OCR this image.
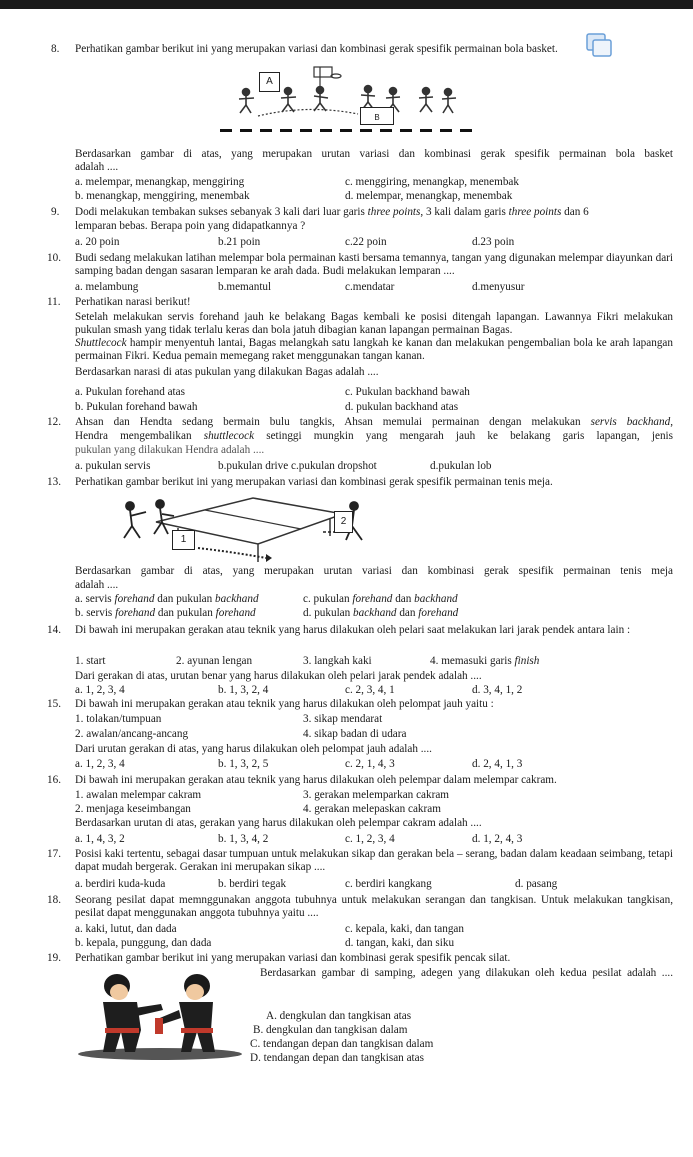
8. Perhatikan gambar berikut ini yang merupakan variasi dan kombinasi gerak spesifik permainan bola basket.
A
B
Berdasarkan gambar di atas, yang merupakan urutan variasi dan kombinasi gerak spesifik permainan bola basket
adalah ....
a. melempar, menangkap, menggiring	c. menggiring, menangkap, menembak
b. menangkap, menggiring, menembak	d. melempar, menangkap, menembak
9. Dodi melakukan tembakan sukses sebanyak 3 kali dari luar garis three points, 3 kali dalam garis three points dan 6
lemparan bebas. Berapa poin yang didapatkannya ?
a. 20 poin	b.21 poin	c.22 poin	d.23 poin
10. Budi sedang melakukan latihan melempar bola permainan kasti bersama temannya, tangan yang digunakan melempar diayunkan dari samping badan dengan sasaran lemparan ke arah dada. Budi melakukan lemparan ....
a. melambung	b.memantul	c.mendatar	d.menyusur
11. Perhatikan narasi berikut!
Setelah melakukan servis forehand jauh ke belakang Bagas kembali ke posisi ditengah lapangan. Lawannya Fikri melakukan pukulan smash yang tidak terlalu keras dan bola jatuh dibagian kanan lapangan permainan Bagas.
Shuttlecock hampir menyentuh lantai, Bagas melangkah satu langkah ke kanan dan melakukan pengembalian bola ke arah lapangan permainan Fikri. Kedua pemain memegang raket menggunakan tangan kanan.
Berdasarkan narasi di atas pukulan yang dilakukan Bagas adalah ....
a. Pukulan forehand atas	c. Pukulan backhand bawah
b. Pukulan forehand bawah	d. pukulan backhand atas
12. Ahsan dan Hendta sedang bermain bulu tangkis, Ahsan memulai permainan dengan melakukan servis backhand,
Hendra mengembalikan shuttlecock setinggi mungkin yang mengarah jauh ke belakang garis lapangan, jenis
pukulan yang dilakukan Hendra adalah ....
a. pukulan servis	b.pukulan drive c.pukulan dropshot	d.pukulan lob
13. Perhatikan gambar berikut ini yang merupakan variasi dan kombinasi gerak spesifik permainan tenis meja.
1
2
Berdasarkan gambar di atas, yang merupakan urutan variasi dan kombinasi gerak spesifik permainan tenis meja
adalah ....
a. servis forehand dan pukulan backhand	c. pukulan forehand dan backhand
b. servis forehand dan pukulan forehand	d. pukulan backhand dan forehand
14. Di bawah ini merupakan gerakan atau teknik yang harus dilakukan oleh pelari saat melakukan lari jarak pendek antara lain :
1. start	2. ayunan lengan	3. langkah kaki	4. memasuki garis finish
Dari gerakan di atas, urutan benar yang harus dilakukan oleh pelari jarak pendek adalah ....
a. 1, 2, 3, 4	b. 1, 3, 2, 4	c. 2, 3, 4, 1	d. 3, 4, 1, 2
15. Di bawah ini merupakan gerakan atau teknik yang harus dilakukan oleh pelompat jauh yaitu :
1. tolakan/tumpuan	3. sikap mendarat
2. awalan/ancang-ancang	4. sikap badan di udara
Dari urutan gerakan di atas, yang harus dilakukan oleh pelompat jauh adalah ....
a. 1, 2, 3, 4	b. 1, 3, 2, 5	c. 2, 1, 4, 3	d. 2, 4, 1, 3
16. Di bawah ini merupakan gerakan atau teknik yang harus dilakukan oleh pelempar dalam melempar cakram.
1. awalan melempar cakram	3. gerakan melemparkan cakram
2. menjaga keseimbangan	4. gerakan melepaskan cakram
Berdasarkan urutan di atas, gerakan yang harus dilakukan oleh pelempar cakram adalah ....
a. 1, 4, 3, 2	b. 1, 3, 4, 2	c. 1, 2, 3, 4	d. 1, 2, 4, 3
17. Posisi kaki tertentu, sebagai dasar tumpuan untuk melakukan sikap dan gerakan bela – serang, badan dalam keadaan seimbang, tetapi dapat mudah bergerak. Gerakan ini merupakan sikap ....
a. berdiri kuda-kuda	b. berdiri tegak	c. berdiri kangkang	d. pasang
18. Seorang pesilat dapat memnggunakan anggota tubuhnya untuk melakukan serangan dan tangkisan. Untuk melakukan tangkisan, pesilat dapat menggunakan anggota tubuhnya yaitu ....
a. kaki, lutut, dan dada	c. kepala, kaki, dan tangan
b. kepala, punggung, dan dada	d. tangan, kaki, dan siku
19. Perhatikan gambar berikut ini yang merupakan variasi dan kombinasi gerak spesifik pencak silat.
Berdasarkan gambar di samping, adegen yang dilakukan oleh kedua pesilat adalah ....
A. dengkulan dan tangkisan atas
B. dengkulan dan tangkisan dalam
C. tendangan depan dan tangkisan dalam
D. tendangan depan dan tangkisan atas
